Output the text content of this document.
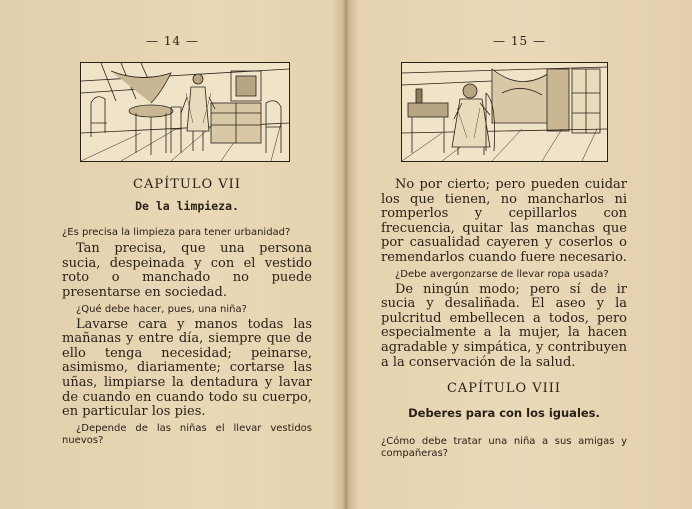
— 14 —

CAPÍTULO VII

De la limpieza.

¿Es precisa la limpieza para tener urbanidad?

Tan precisa, que una persona sucia, despeinada y con el vestido roto o manchado no puede presentarse en sociedad.

¿Qué debe hacer, pues, una niña?

Lavarse cara y manos todas las mañanas y entre día, siempre que de ello tenga necesidad; peinarse, asimismo, diariamente; cortarse las uñas, limpiarse la dentadura y lavar de cuando en cuando todo su cuerpo, en particular los pies.

¿Depende de las niñas el llevar vestidos nuevos?

— 15 —

No por cierto; pero pueden cuidar los que tienen, no mancharlos ni romperlos y cepillarlos con frecuencia, quitar las manchas que por casualidad cayeren y coserlos o remendarlos cuando fuere necesario.

¿Debe avergonzarse de llevar ropa usada?

De ningún modo; pero sí de ir sucia y desaliñada. El aseo y la pulcritud embellecen a todos, pero especialmente a la mujer, la hacen agradable y simpática, y contribuyen a la conservación de la salud.

CAPÍTULO VIII

Deberes para con los iguales.

¿Cómo debe tratar una niña a sus amigas y compañeras?
